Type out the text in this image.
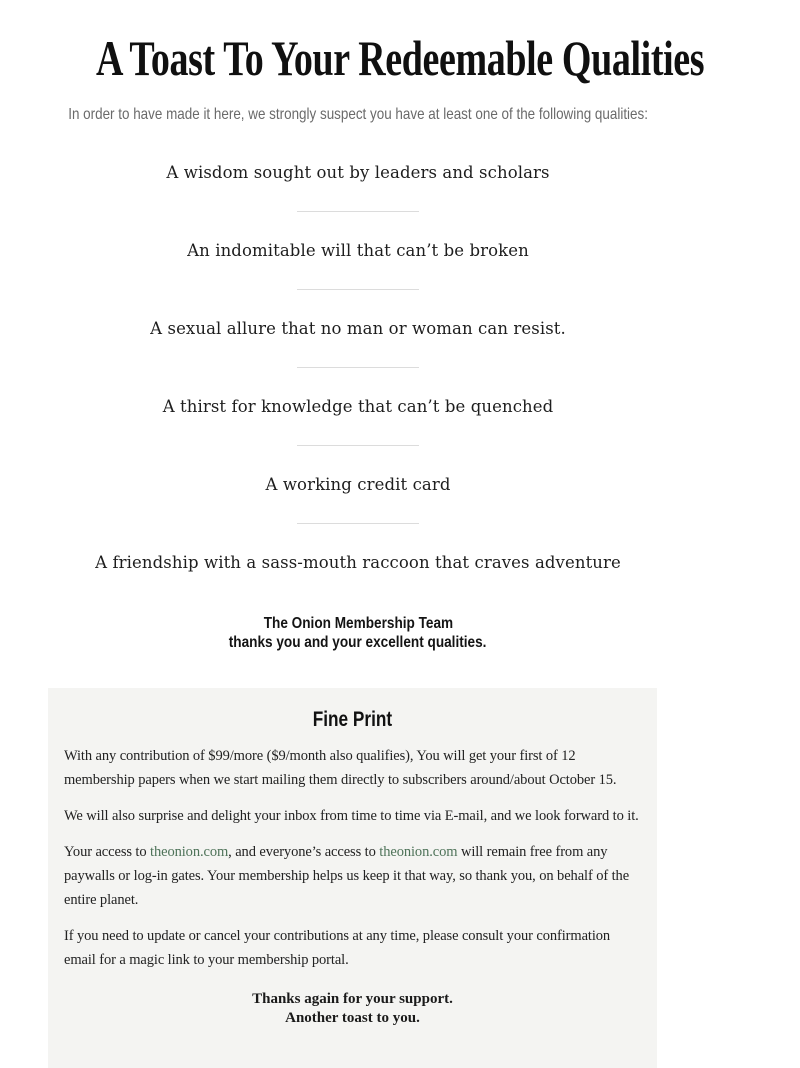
A Toast To Your Redeemable Qualities

In order to have made it here, we strongly suspect you have at least one of the following qualities:

A wisdom sought out by leaders and scholars

An indomitable will that can’t be broken

A sexual allure that no man or woman can resist.

A thirst for knowledge that can’t be quenched

A working credit card

A friendship with a sass-mouth raccoon that craves adventure

The Onion Membership Team
thanks you and your excellent qualities.

Fine Print

With any contribution of $99/more ($9/month also qualifies), You will get your first of 12 membership papers when we start mailing them directly to subscribers around/about October 15.

We will also surprise and delight your inbox from time to time via E-mail, and we look forward to it.

Your access to theonion.com, and everyone’s access to theonion.com will remain free from any paywalls or log-in gates. Your membership helps us keep it that way, so thank you, on behalf of the entire planet.

If you need to update or cancel your contributions at any time, please consult your confirmation email for a magic link to your membership portal.

Thanks again for your support.
Another toast to you.
